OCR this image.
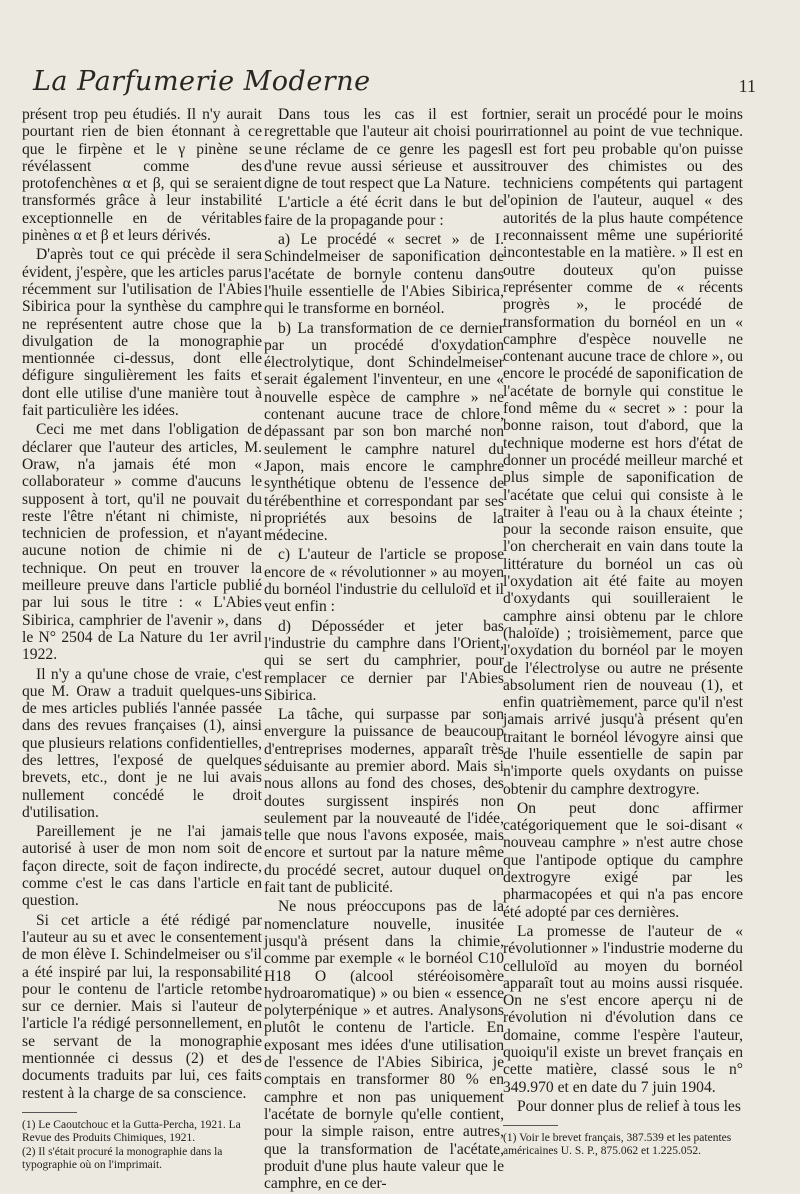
La Parfumerie Moderne	11

présent trop peu étudiés. Il n'y aurait pourtant rien de bien étonnant à ce que le firpène et le γ pinène se révélassent comme des protofenchènes α et β, qui se seraient transformés grâce à leur instabilité exceptionnelle en de véritables pinènes α et β et leurs dérivés.

D'après tout ce qui précède il sera évident, j'espère, que les articles parus récemment sur l'utilisation de l'Abies Sibirica pour la synthèse du camphre ne représentent autre chose que la divulgation de la monographie mentionnée ci-dessus, dont elle défigure singulièrement les faits et dont elle utilise d'une manière tout à fait particulière les idées.

Ceci me met dans l'obligation de déclarer que l'auteur des articles, M. Oraw, n'a jamais été mon « collaborateur » comme d'aucuns le supposent à tort, qu'il ne pouvait du reste l'être n'étant ni chimiste, ni technicien de profession, et n'ayant aucune notion de chimie ni de technique. On peut en trouver la meilleure preuve dans l'article publié par lui sous le titre : « L'Abies Sibirica, camphrier de l'avenir », dans le N° 2504 de La Nature du 1er avril 1922.

Il n'y a qu'une chose de vraie, c'est que M. Oraw a traduit quelques-uns de mes articles publiés l'année passée dans des revues françaises (1), ainsi que plusieurs relations confidentielles, des lettres, l'exposé de quelques brevets, etc., dont je ne lui avais nullement concédé le droit d'utilisation.

Pareillement je ne l'ai jamais autorisé à user de mon nom soit de façon directe, soit de façon indirecte, comme c'est le cas dans l'article en question.

Si cet article a été rédigé par l'auteur au su et avec le consentement de mon élève I. Schindelmeiser ou s'il a été inspiré par lui, la responsabilité pour le contenu de l'article retombe sur ce dernier. Mais si l'auteur de l'article l'a rédigé personnellement, en se servant de la monographie mentionnée ci dessus (2) et des documents traduits par lui, ces faits restent à la charge de sa conscience.

(1) Le Caoutchouc et la Gutta-Percha, 1921. La Revue des Produits Chimiques, 1921.

(2) Il s'était procuré la monographie dans la typographie où on l'imprimait.

Dans tous les cas il est fort regrettable que l'auteur ait choisi pour une réclame de ce genre les pages d'une revue aussi sérieuse et aussi digne de tout respect que La Nature.

L'article a été écrit dans le but de faire de la propagande pour :

a) Le procédé « secret » de I. Schindelmeiser de saponification de l'acétate de bornyle contenu dans l'huile essentielle de l'Abies Sibirica, qui le transforme en bornéol.

b) La transformation de ce dernier par un procédé d'oxydation électrolytique, dont Schindelmeiser serait également l'inventeur, en une « nouvelle espèce de camphre » ne contenant aucune trace de chlore, dépassant par son bon marché non seulement le camphre naturel du Japon, mais encore le camphre synthétique obtenu de l'essence de térébenthine et correspondant par ses propriétés aux besoins de la médecine.

c) L'auteur de l'article se propose encore de « révolutionner » au moyen du bornéol l'industrie du celluloïd et il veut enfin :

d) Déposséder et jeter bas l'industrie du camphre dans l'Orient, qui se sert du camphrier, pour remplacer ce dernier par l'Abies Sibirica.

La tâche, qui surpasse par son envergure la puissance de beaucoup d'entreprises modernes, apparaît très séduisante au premier abord. Mais si nous allons au fond des choses, des doutes surgissent inspirés non seulement par la nouveauté de l'idée, telle que nous l'avons exposée, mais encore et surtout par la nature même du procédé secret, autour duquel on fait tant de publicité.

Ne nous préoccupons pas de la nomenclature nouvelle, inusitée jusqu'à présent dans la chimie, comme par exemple « le bornéol C10 H18 O (alcool stéréoisomère hydroaromatique) » ou bien « essence polyterpénique » et autres. Analysons plutôt le contenu de l'article. En exposant mes idées d'une utilisation de l'essence de l'Abies Sibirica, je comptais en transformer 80 % en camphre et non pas uniquement l'acétate de bornyle qu'elle contient, pour la simple raison, entre autres, que la transformation de l'acétate, produit d'une plus haute valeur que le camphre, en ce der-

nier, serait un procédé pour le moins irrationnel au point de vue technique. Il est fort peu probable qu'on puisse trouver des chimistes ou des techniciens compétents qui partagent l'opinion de l'auteur, auquel « des autorités de la plus haute compétence reconnaissent même une supériorité incontestable en la matière. » Il est en outre douteux qu'on puisse représenter comme de « récents progrès », le procédé de transformation du bornéol en un « camphre d'espèce nouvelle ne contenant aucune trace de chlore », ou encore le procédé de saponification de l'acétate de bornyle qui constitue le fond même du « secret » : pour la bonne raison, tout d'abord, que la technique moderne est hors d'état de donner un procédé meilleur marché et plus simple de saponification de l'acétate que celui qui consiste à le traiter à l'eau ou à la chaux éteinte ; pour la seconde raison ensuite, que l'on chercherait en vain dans toute la littérature du bornéol un cas où l'oxydation ait été faite au moyen d'oxydants qui souilleraient le camphre ainsi obtenu par le chlore (haloïde) ; troisièmement, parce que l'oxydation du bornéol par le moyen de l'électrolyse ou autre ne présente absolument rien de nouveau (1), et enfin quatrièmement, parce qu'il n'est jamais arrivé jusqu'à présent qu'en traitant le bornéol lévogyre ainsi que de l'huile essentielle de sapin par n'importe quels oxydants on puisse obtenir du camphre dextrogyre.

On peut donc affirmer catégoriquement que le soi-disant « nouveau camphre » n'est autre chose que l'antipode optique du camphre dextrogyre exigé par les pharmacopées et qui n'a pas encore été adopté par ces dernières.

La promesse de l'auteur de « révolutionner » l'industrie moderne du celluloïd au moyen du bornéol apparaît tout au moins aussi risquée. On ne s'est encore aperçu ni de révolution ni d'évolution dans ce domaine, comme l'espère l'auteur, quoiqu'il existe un brevet français en cette matière, classé sous le n° 349.970 et en date du 7 juin 1904.

Pour donner plus de relief à tous les

(1) Voir le brevet français, 387.539 et les patentes américaines U. S. P., 875.062 et 1.225.052.
